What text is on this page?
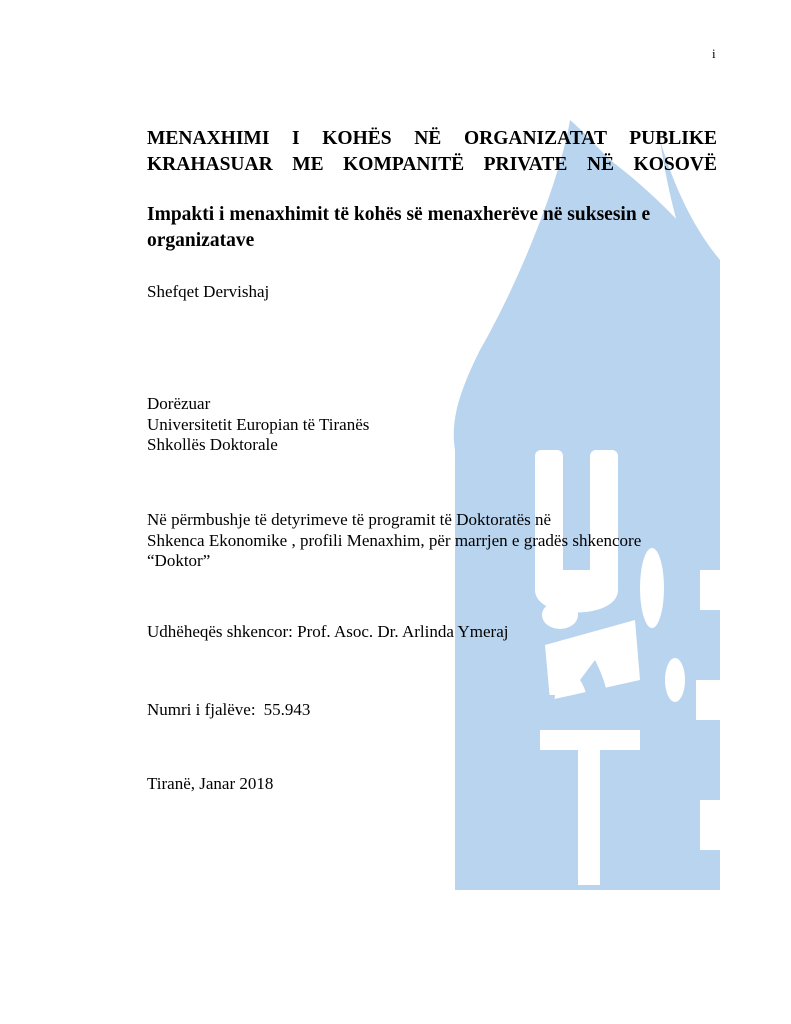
i
MENAXHIMI I KOHËS NË ORGANIZATAT PUBLIKE
KRAHASUAR ME KOMPANITË PRIVATE NË KOSOVË
Impakti i menaxhimit të kohës së menaxherëve në suksesin e
organizatave

Shefqet Dervishaj

Dorëzuar
Universitetit Europian të Tiranës
Shkollës Doktorale

Në përmbushje të detyrimeve të programit të Doktoratës në
Shkenca Ekonomike , profili Menaxhim, për marrjen e gradës shkencore
“Doktor”

Udhëheqës shkencor: Prof. Asoc. Dr. Arlinda Ymeraj

Numri i fjalëve: 55.943

Tiranë, Janar 2018
